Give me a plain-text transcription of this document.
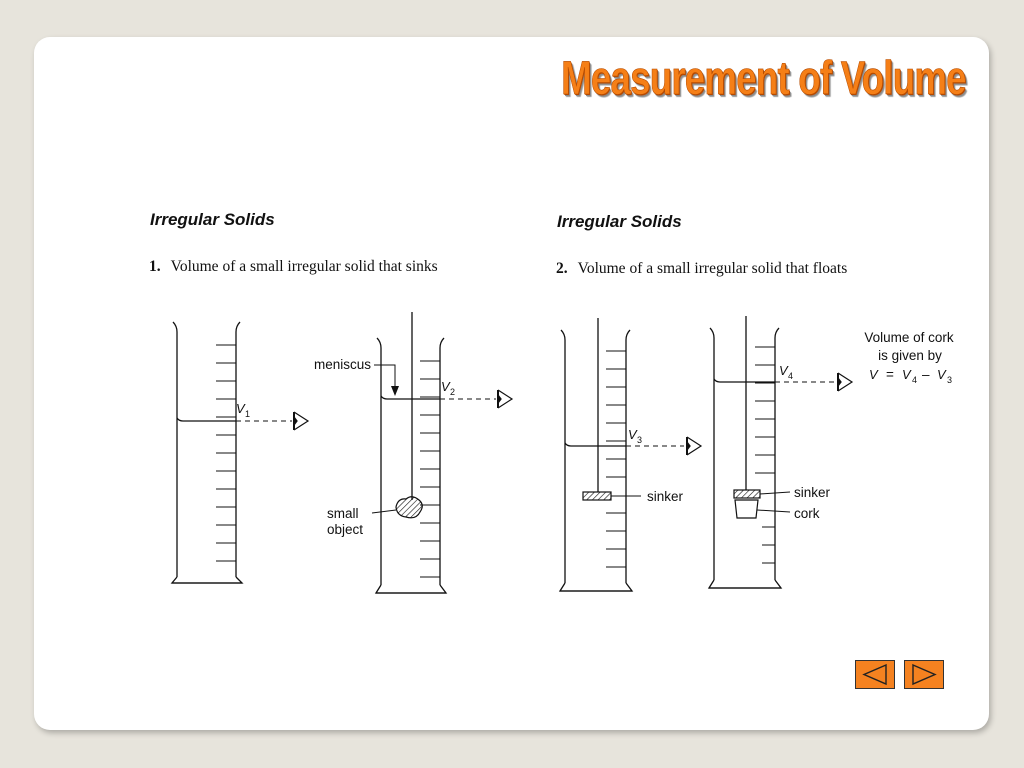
Measurement of Volume
Irregular Solids
1. Volume of a small irregular solid that sinks
Irregular Solids
2. Volume of a small irregular solid that floats
V 1
meniscus
V 2
small
object
V 3
sinker
V 4
sinker
cork
Volume of cork
is given by
V = V 4 – V 3
